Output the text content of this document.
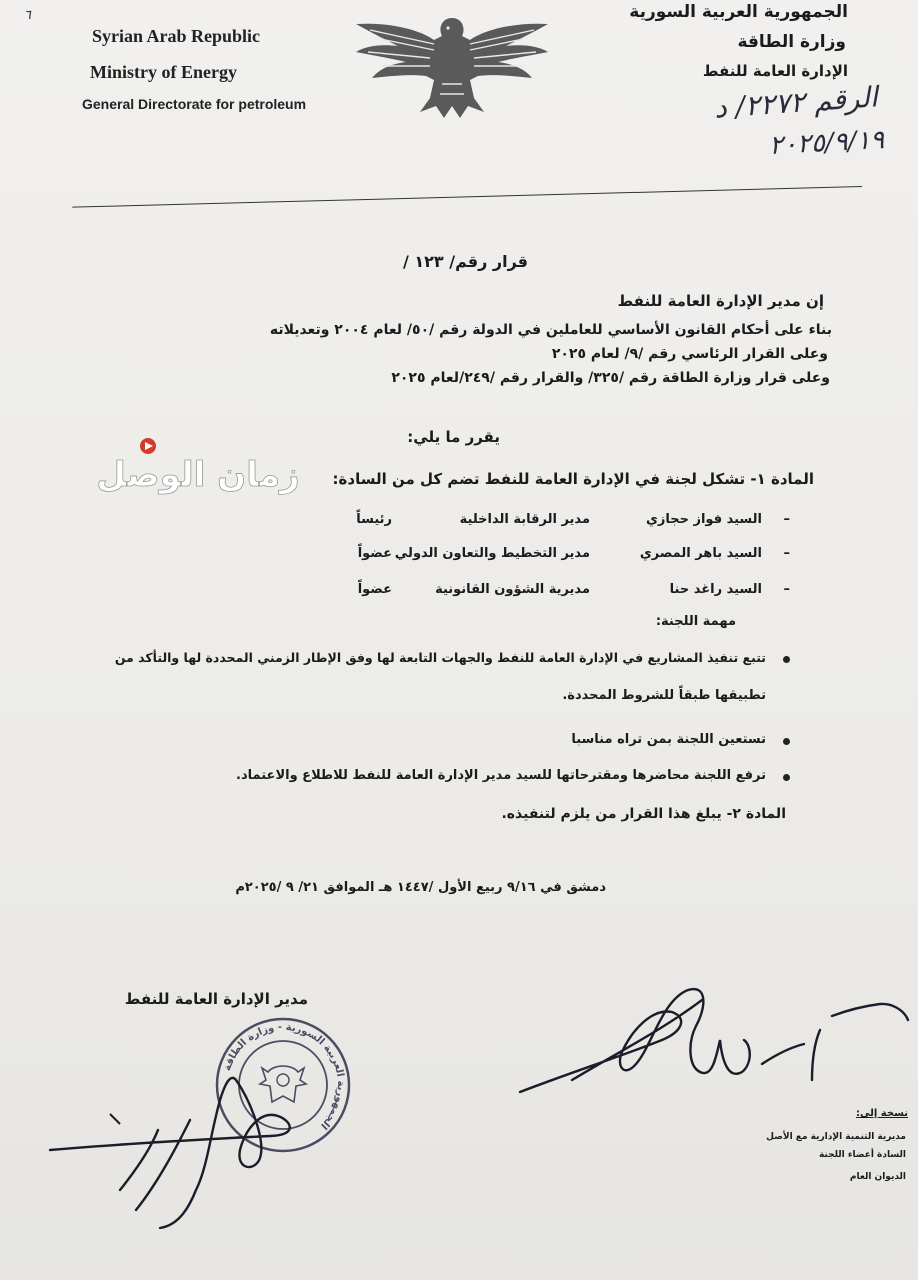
٦
Syrian Arab Republic
Ministry of Energy
General Directorate for petroleum
الجمهورية العربية السورية
وزارة الطاقة
الإدارة العامة للنفط
الرقم ٢٢٧٢/ د
٢٠٢٥/٩/١٩
قرار رقم/ ١٢٣ /
إن مدير الإدارة العامة للنفط
بناء على أحكام القانون الأساسي للعاملين في الدولة رقم /٥٠/ لعام ٢٠٠٤ وتعديلاته
وعلى القرار الرئاسي رقم /٩/ لعام ٢٠٢٥
وعلى قرار وزارة الطاقة رقم /٣٢٥/ والقرار رقم /٢٤٩/لعام ٢٠٢٥
يقرر ما يلي:
زمان الوصل المادة ١- تشكل لجنة في الإدارة العامة للنفط تضم كل من السادة:
–
السيد فواز حجازي
مدير الرقابة الداخلية
رئيساً
–
السيد باهر المصري
مدير التخطيط والتعاون الدولي
عضواً
–
السيد راغد حنا
مديرية الشؤون القانونية
عضواً
مهمة اللجنة:
تتبع تنفيذ المشاريع في الإدارة العامة للنفط والجهات التابعة لها وفق الإطار الزمني المحددة لها والتأكد من
تطبيقها طبقاً للشروط المحددة.
تستعين اللجنة بمن تراه مناسبا
ترفع اللجنة محاضرها ومقترحاتها للسيد مدير الإدارة العامة للنفط للاطلاع والاعتماد.
المادة ٢- يبلغ هذا القرار من يلزم لتنفيذه.
دمشق في ٩/١٦ ربيع الأول /١٤٤٧ هـ الموافق ٢١/ ٩ /٢٠٢٥م
مدير الإدارة العامة للنفط
الجمهورية العربية السورية - وزارة الطاقة
نسخة إلى:
مديرية التنمية الإدارية مع الأصل
السادة أعضاء اللجنة
الديوان العام
